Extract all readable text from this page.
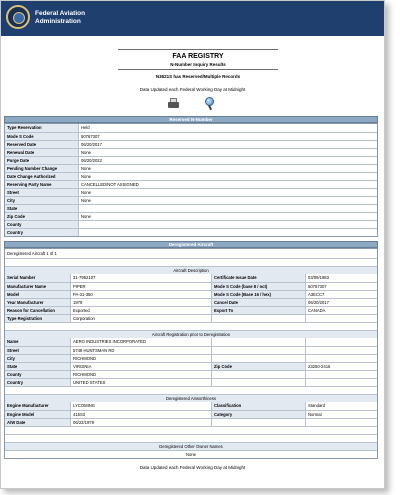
Federal Aviation
Administration
FAA REGISTRY
N-Number Inquiry Results
N3621S has Reserved/Multiple Records
Data Updated each Federal Working Day at Midnight
Reserved N-Number
Type Reservation	Held
Mode S Code	50767307
Reserved Date	06/20/2017
Renewal Date	None
Purge Date	06/20/2022
Pending Number Change	None
Date Change Authorized	None
Reserving Party Name	CANCELLED/NOT ASSIGNED
Street	None
City	None
State
Zip Code	None
County
Country
Deregistered Aircraft
Deregistered Aircraft 1 of 1
Aircraft Description
Serial Number	31-7952107	Certificate Issue Date	03/09/1983
Manufacturer Name	PIPER	Mode S Code (base 8 / oct)	50767307
Model	PA-31-350	Mode S Code (Base 16 / hex)	A3ECC7
Year Manufacturer	1979	Cancel Date	06/20/2017
Reason for Cancellation	Exported	Export To	CANADA
Type Registration	Corporation
Aircraft Registration prior to Deregistration
Name	AERO INDUSTRIES INCORPORATED
Street	5748 HUNTSMAN RD
City	RICHMOND
State	VIRGINIA	Zip Code	23250-2416
County	RICHMOND
Country	UNITED STATES
Deregistered Airworthiness
Engine Manufacturer	LYCOMING	Classification	Standard
Engine Model	415S3	Category	Normal
A/W Date	06/22/1979
Deregistered Other Owner Names
None
Data Updated each Federal Working Day at Midnight
